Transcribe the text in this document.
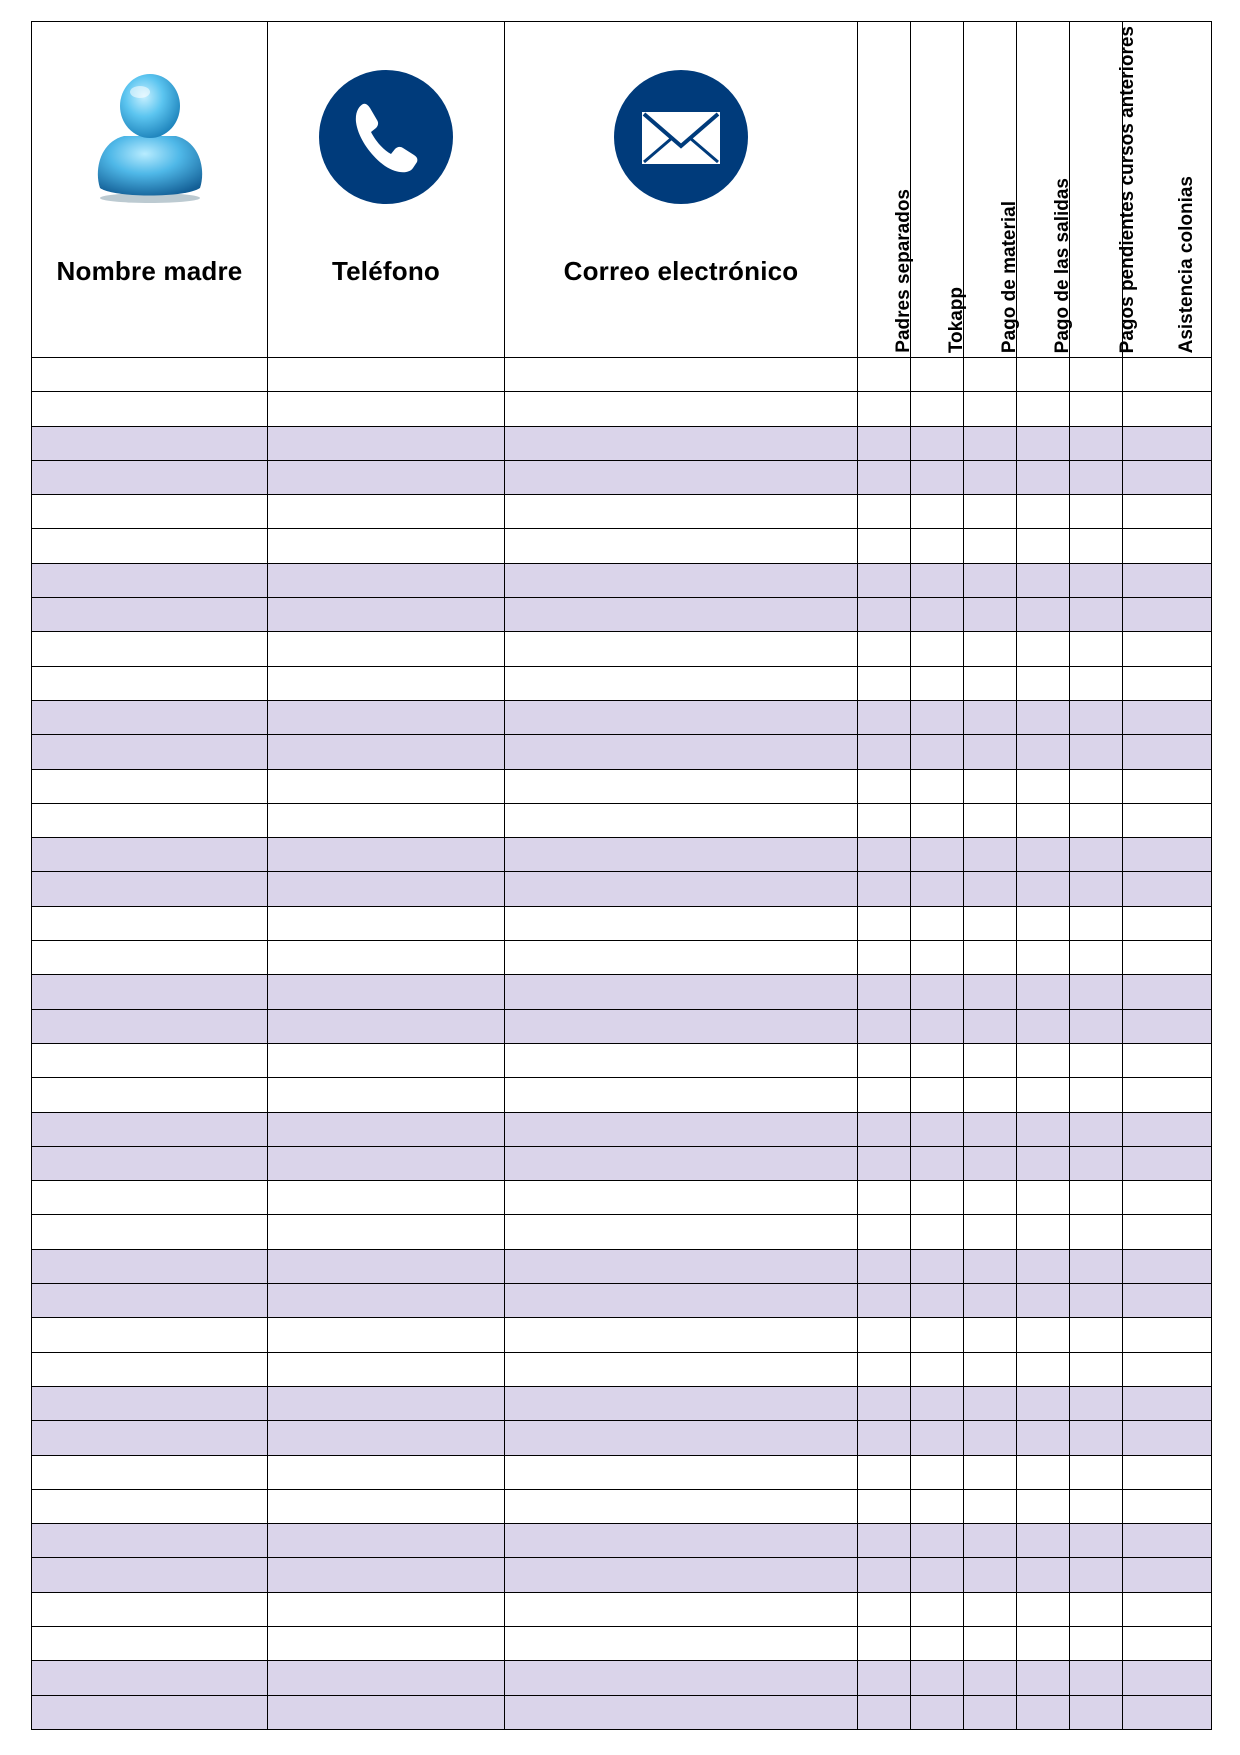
Nombre madre	Teléfono	Correo electrónico	Padres separados	Tokapp	Pago de material	Pago de las salidas	Pagos pendientes cursos anteriores	Asistencia colonias
